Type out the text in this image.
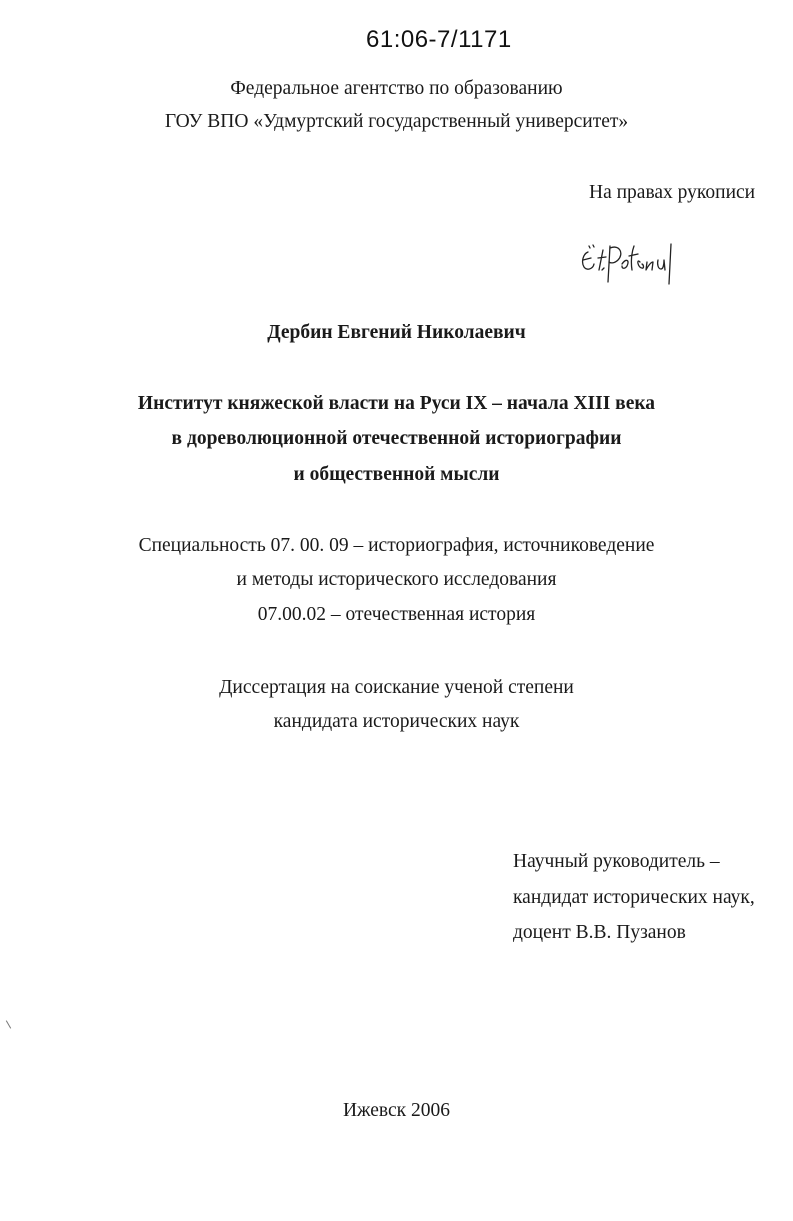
61:06-7/1171
Федеральное агентство по образованию
ГОУ ВПО «Удмуртский государственный университет»
На правах рукописи
Дербин Евгений Николаевич
Институт княжеской власти на Руси IX – начала XIII века
в дореволюционной отечественной историографии
и общественной мысли
Специальность 07. 00. 09 – историография, источниковедение
и методы исторического исследования
07.00.02 – отечественная история
Диссертация на соискание ученой степени
кандидата исторических наук
Научный руководитель –
кандидат исторических наук,
доцент В.В. Пузанов
Ижевск 2006
